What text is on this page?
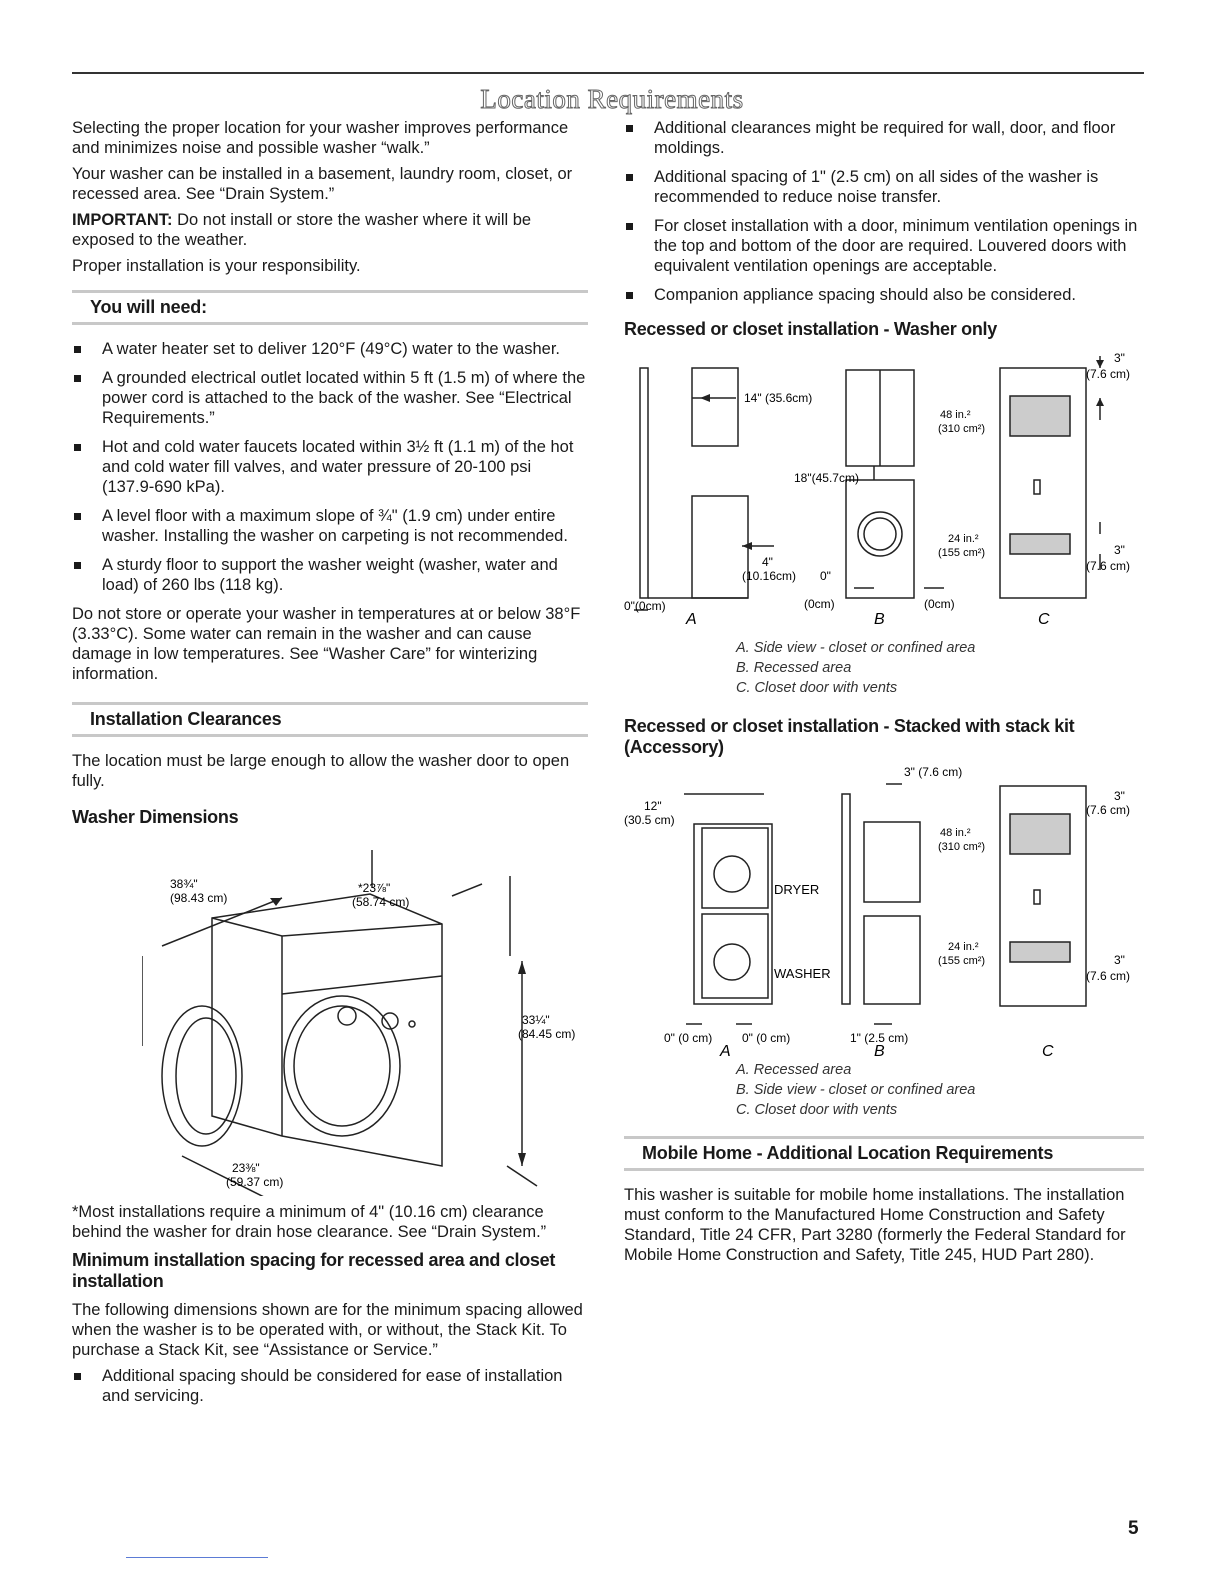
Location Requirements

Selecting the proper location for your washer improves performance and minimizes noise and possible washer “walk.”

Your washer can be installed in a basement, laundry room, closet, or recessed area. See “Drain System.”

IMPORTANT: Do not install or store the washer where it will be exposed to the weather.

Proper installation is your responsibility.

You will need:
A water heater set to deliver 120°F (49°C) water to the washer.
A grounded electrical outlet located within 5 ft (1.5 m) of where the power cord is attached to the back of the washer. See “Electrical Requirements.”
Hot and cold water faucets located within 3½ ft (1.1 m) of the hot and cold water fill valves, and water pressure of 20-100 psi (137.9-690 kPa).
A level floor with a maximum slope of ¾" (1.9 cm) under entire washer. Installing the washer on carpeting is not recommended.
A sturdy floor to support the washer weight (washer, water and load) of 260 lbs (118 kg).

Do not store or operate your washer in temperatures at or below 38°F (3.33°C). Some water can remain in the washer and can cause damage in low temperatures. See “Washer Care” for winterizing information.

Installation Clearances

The location must be large enough to allow the washer door to open fully.

Washer Dimensions
38¾"
(98.43 cm)
*23⅞"
(58.74 cm)
33¼"
(84.45 cm)
23⅜"
(59.37 cm)

*Most installations require a minimum of 4" (10.16 cm) clearance behind the washer for drain hose clearance. See “Drain System.”

Minimum installation spacing for recessed area and closet installation

The following dimensions shown are for the minimum spacing allowed when the washer is to be operated with, or without, the Stack Kit. To purchase a Stack Kit, see “Assistance or Service.”

Additional spacing should be considered for ease of installation and servicing.
Additional clearances might be required for wall, door, and floor moldings.
Additional spacing of 1" (2.5 cm) on all sides of the washer is recommended to reduce noise transfer.
For closet installation with a door, minimum ventilation openings in the top and bottom of the door are required. Louvered doors with equivalent ventilation openings are acceptable.
Companion appliance spacing should also be considered.
Recessed or closet installation - Washer only
14" (35.6cm)
18"(45.7cm)
4"
(10.16cm) 0"
(0cm)	(0cm)
0"(0cm)
48 in.²
(310 cm²)
24 in.²
(155 cm²)
3"
(7.6 cm)
3"
(7.6 cm)
A	B	C
A. Side view - closet or confined area
B. Recessed area
C. Closet door with vents
Recessed or closet installation - Stacked with stack kit (Accessory)
3" (7.6 cm)
12"
(30.5 cm)
DRYER
WASHER
0" (0 cm) 0" (0 cm)	1" (2.5 cm)
48 in.²
(310 cm²)
24 in.²
(155 cm²)
3"
(7.6 cm)
3"
(7.6 cm)
A	B	C
A. Recessed area
B. Side view - closet or confined area
C. Closet door with vents
Mobile Home - Additional Location Requirements

This washer is suitable for mobile home installations. The installation must conform to the Manufactured Home Construction and Safety Standard, Title 24 CFR, Part 3280 (formerly the Federal Standard for Mobile Home Construction and Safety, Title 245, HUD Part 280).

5
